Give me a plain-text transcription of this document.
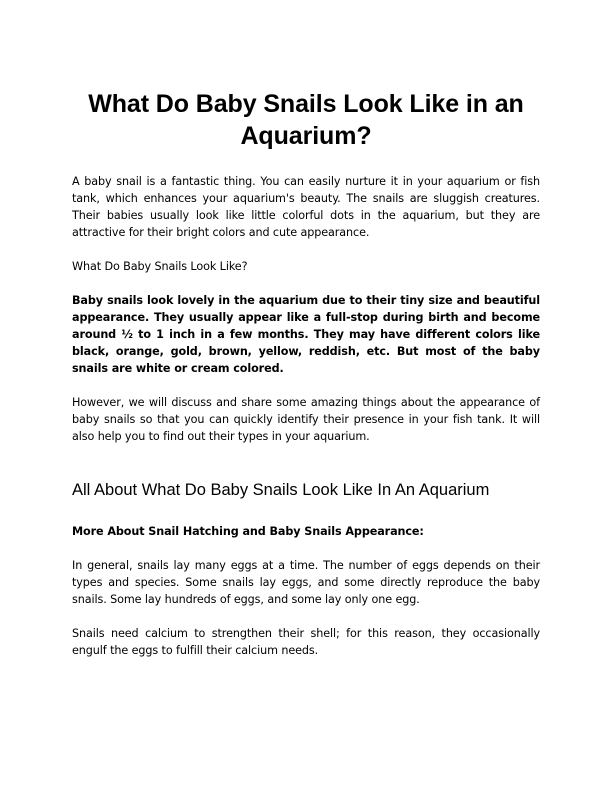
What Do Baby Snails Look Like in an Aquarium?

A baby snail is a fantastic thing. You can easily nurture it in your aquarium or fish tank, which enhances your aquarium's beauty. The snails are sluggish creatures. Their babies usually look like little colorful dots in the aquarium, but they are attractive for their bright colors and cute appearance.

What Do Baby Snails Look Like?

Baby snails look lovely in the aquarium due to their tiny size and beautiful appearance. They usually appear like a full-stop during birth and become around ½ to 1 inch in a few months. They may have different colors like black, orange, gold, brown, yellow, reddish, etc. But most of the baby snails are white or cream colored.

However, we will discuss and share some amazing things about the appearance of baby snails so that you can quickly identify their presence in your fish tank. It will also help you to find out their types in your aquarium.

All About What Do Baby Snails Look Like In An Aquarium

More About Snail Hatching and Baby Snails Appearance:

In general, snails lay many eggs at a time. The number of eggs depends on their types and species. Some snails lay eggs, and some directly reproduce the baby snails. Some lay hundreds of eggs, and some lay only one egg.

Snails need calcium to strengthen their shell; for this reason, they occasionally engulf the eggs to fulfill their calcium needs.
